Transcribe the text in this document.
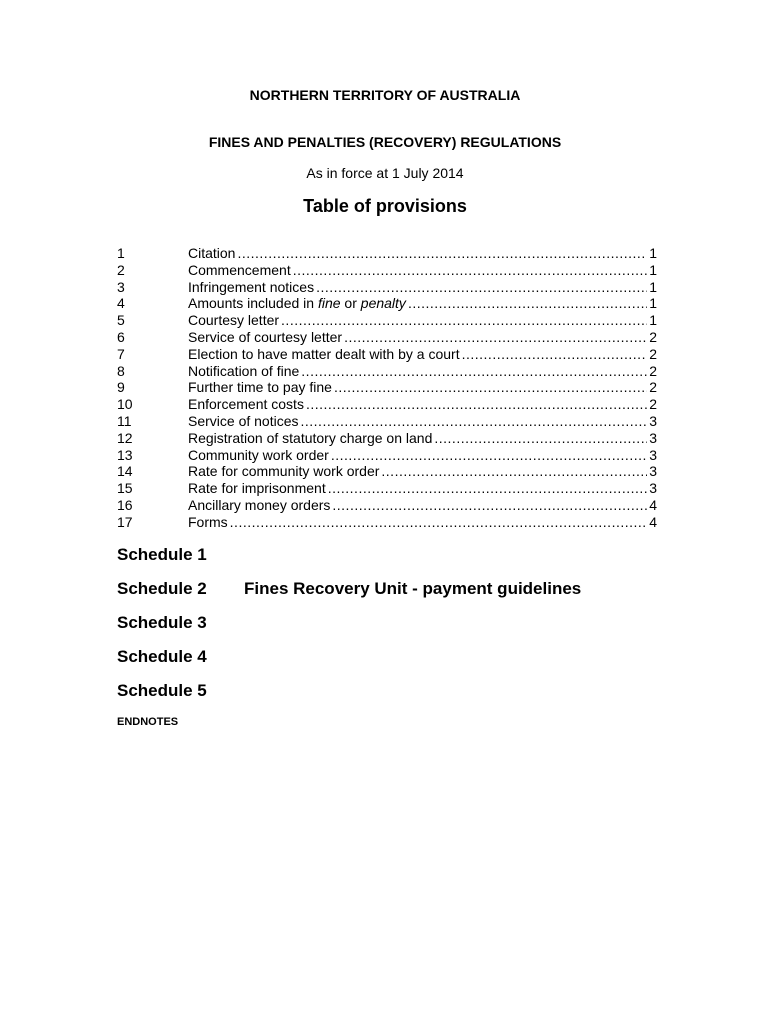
NORTHERN TERRITORY OF AUSTRALIA
FINES AND PENALTIES (RECOVERY) REGULATIONS
As in force at 1 July 2014
Table of provisions
1	Citation .....	1
2	Commencement .....	1
3	Infringement notices .....	1
4	Amounts included in fine or penalty .....	1
5	Courtesy letter .....	1
6	Service of courtesy letter .....	2
7	Election to have matter dealt with by a court .....	2
8	Notification of fine .....	2
9	Further time to pay fine .....	2
10	Enforcement costs .....	2
11	Service of notices .....	3
12	Registration of statutory charge on land .....	3
13	Community work order .....	3
14	Rate for community work order .....	3
15	Rate for imprisonment .....	3
16	Ancillary money orders .....	4
17	Forms .....	4
Schedule 1
Schedule 2	Fines Recovery Unit - payment guidelines
Schedule 3
Schedule 4
Schedule 5
ENDNOTES
